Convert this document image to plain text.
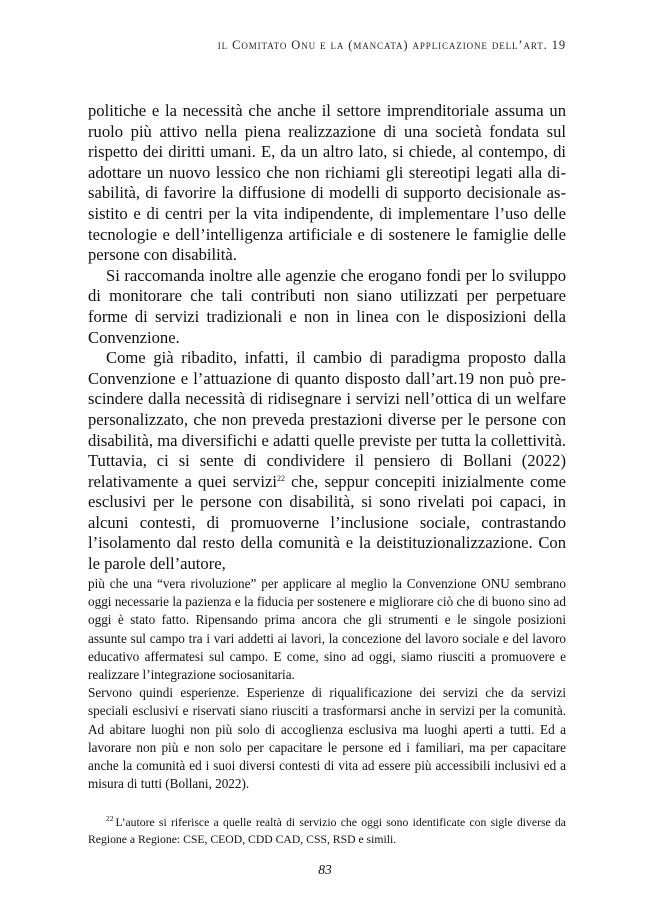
il Comitato Onu e la (mancata) applicazione dell’art. 19

politiche e la necessità che anche il settore imprenditoriale assuma un ruolo più attivo nella piena realizzazione di una società fondata sul rispetto dei diritti umani. E, da un altro lato, si chiede, al contempo, di adottare un nuovo lessico che non richiami gli stereotipi legati alla disabilità, di favorire la diffusione di modelli di supporto decisionale assistito e di centri per la vita indipendente, di implementare l’uso delle tecnologie e dell’intelligenza artificiale e di sostenere le famiglie delle persone con disabilità.

Si raccomanda inoltre alle agenzie che erogano fondi per lo sviluppo di monitorare che tali contributi non siano utilizzati per perpetuare forme di servizi tradizionali e non in linea con le disposizioni della Convenzione.

Come già ribadito, infatti, il cambio di paradigma proposto dalla Convenzione e l’attuazione di quanto disposto dall’art.19 non può prescindere dalla necessità di ridisegnare i servizi nell’ottica di un welfare personalizzato, che non preveda prestazioni diverse per le persone con disabilità, ma diversifichi e adatti quelle previste per tutta la collettività. Tuttavia, ci si sente di condividere il pensiero di Bollani (2022) relativamente a quei servizi$^{22}$ che, seppur concepiti inizialmente come esclusivi per le persone con disabilità, si sono rivelati poi capaci, in alcuni contesti, di promuoverne l’inclusione sociale, contrastando l’isolamento dal resto della comunità e la deistituzionalizzazione. Con le parole dell’autore,

più che una “vera rivoluzione” per applicare al meglio la Convenzione ONU sembrano oggi necessarie la pazienza e la fiducia per sostenere e migliorare ciò che di buono sino ad oggi è stato fatto. Ripensando prima ancora che gli strumenti e le singole posizioni assunte sul campo tra i vari addetti ai lavori, la concezione del lavoro sociale e del lavoro educativo affermatesi sul campo. E come, sino ad oggi, siamo riusciti a promuovere e realizzare l’integrazione sociosanitaria.

Servono quindi esperienze. Esperienze di riqualificazione dei servizi che da servizi speciali esclusivi e riservati siano riusciti a trasformarsi anche in servizi per la comunità. Ad abitare luoghi non più solo di accoglienza esclusiva ma luoghi aperti a tutti. Ed a lavorare non più e non solo per capacitare le persone ed i familiari, ma per capacitare anche la comunità ed i suoi diversi contesti di vita ad essere più accessibili inclusivi ed a misura di tutti (Bollani, 2022).

$^{22}$ L’autore si riferisce a quelle realtà di servizio che oggi sono identificate con sigle diverse da Regione a Regione: CSE, CEOD, CDD CAD, CSS, RSD e simili.

83
